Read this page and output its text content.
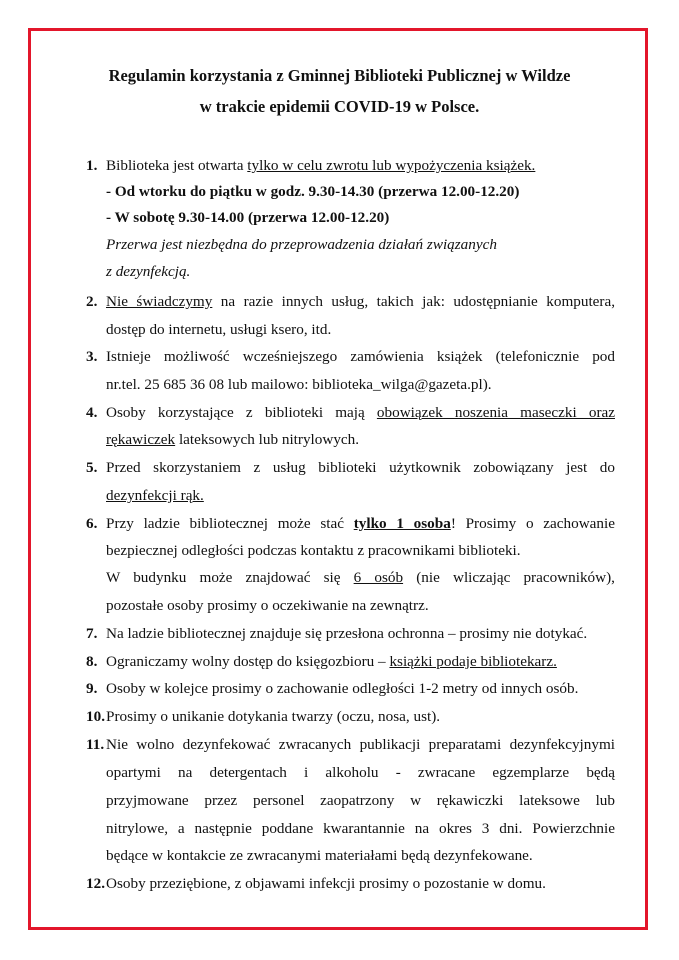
Regulamin korzystania z Gminnej Biblioteki Publicznej w Wildze
w trakcie epidemii COVID-19 w Polsce.
1. Biblioteka jest otwarta tylko w celu zwrotu lub wypożyczenia książek.
- Od wtorku do piątku w godz. 9.30-14.30 (przerwa 12.00-12.20)
- W sobotę 9.30-14.00 (przerwa 12.00-12.20)
Przerwa jest niezbędna do przeprowadzenia działań związanych
z dezynfekcją.
2. Nie świadczymy na razie innych usług, takich jak: udostępnianie komputera,
dostęp do internetu, usługi ksero, itd.
3. Istnieje możliwość wcześniejszego zamówienia książek (telefonicznie pod
nr.tel. 25 685 36 08 lub mailowo: biblioteka_wilga@gazeta.pl).
4. Osoby korzystające z biblioteki mają obowiązek noszenia maseczki oraz
rękawiczek lateksowych lub nitrylowych.
5. Przed skorzystaniem z usług biblioteki użytkownik zobowiązany jest do
dezynfekcji rąk.
6. Przy ladzie bibliotecznej może stać tylko 1 osoba! Prosimy o zachowanie
bezpiecznej odległości podczas kontaktu z pracownikami biblioteki.
W budynku może znajdować się 6 osób (nie wliczając pracowników),
pozostałe osoby prosimy o oczekiwanie na zewnątrz.
7. Na ladzie bibliotecznej znajduje się przesłona ochronna – prosimy nie dotykać.
8. Ograniczamy wolny dostęp do księgozbioru – książki podaje bibliotekarz.
9. Osoby w kolejce prosimy o zachowanie odległości 1-2 metry od innych osób.
10. Prosimy o unikanie dotykania twarzy (oczu, nosa, ust).
11. Nie wolno dezynfekować zwracanych publikacji preparatami dezynfekcyjnymi
opartymi na detergentach i alkoholu - zwracane egzemplarze będą
przyjmowane przez personel zaopatrzony w rękawiczki lateksowe lub
nitrylowe, a następnie poddane kwarantannie na okres 3 dni. Powierzchnie
będące w kontakcie ze zwracanymi materiałami będą dezynfekowane.
12. Osoby przeziębione, z objawami infekcji prosimy o pozostanie w domu.
